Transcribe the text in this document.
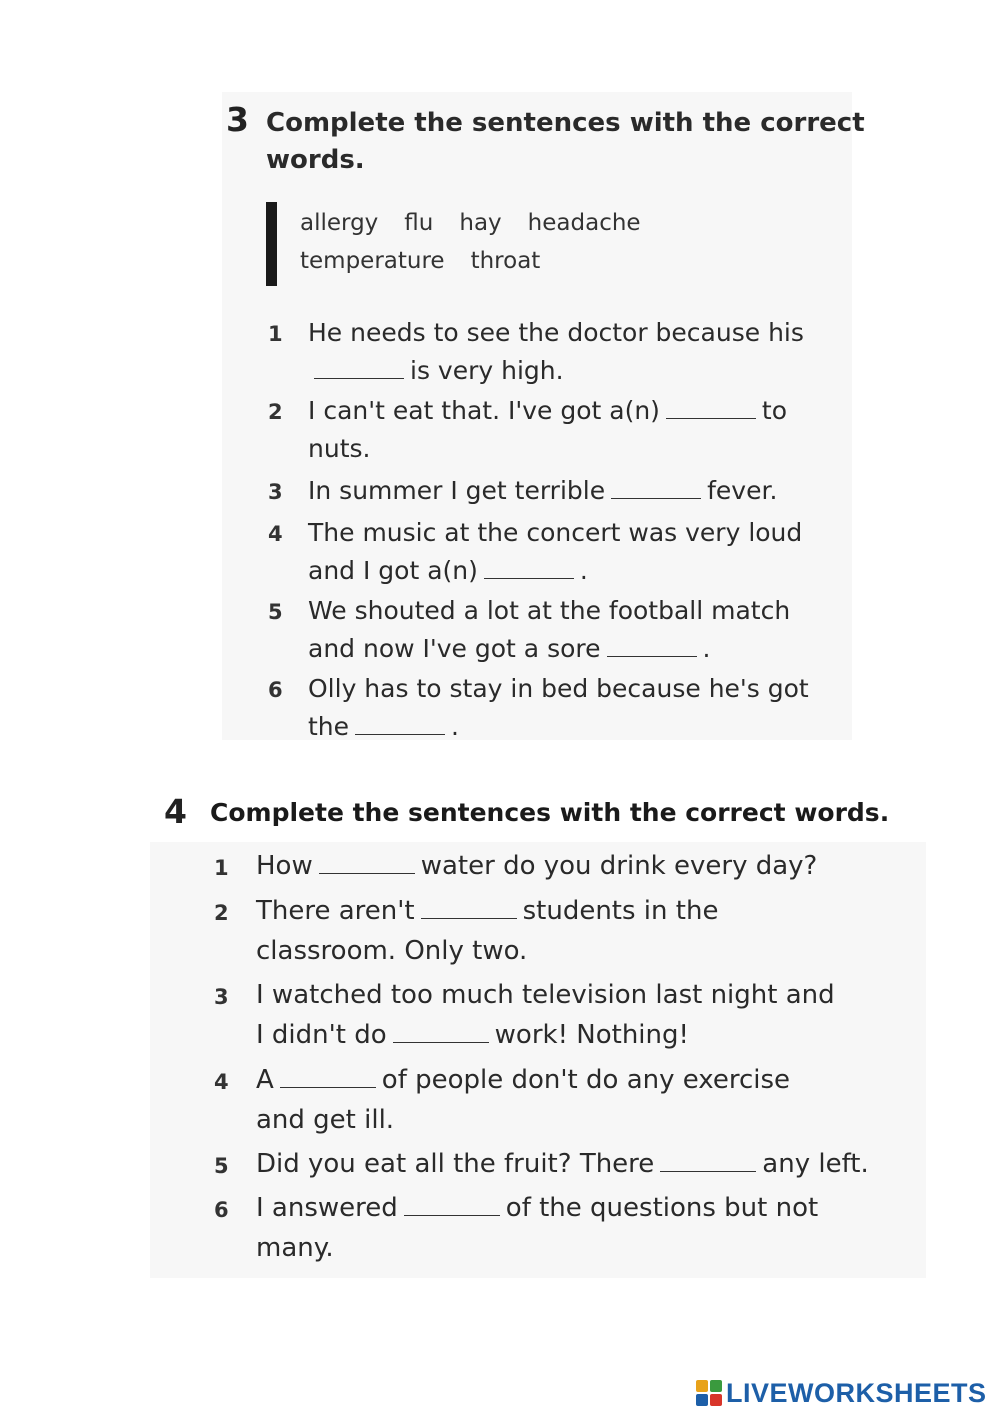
3 Complete the sentences with the correct
words.
allergy flu hay headache
temperature throat
1 He needs to see the doctor because his
is very high.
2 I can't eat that. I've got a(n)	to
nuts.
3 In summer I get terrible	fever.
4 The music at the concert was very loud
and I got a(n)	.
5 We shouted a lot at the football match
and now I've got a sore	.
6 Olly has to stay in bed because he's got
the	.
4 Complete the sentences with the correct words.
1 How	water do you drink every day?
2 There aren't	students in the
classroom. Only two.
3 I watched too much television last night and
I didn't do	work! Nothing!
4 A	of people don't do any exercise
and get ill.
5 Did you eat all the fruit? There	any left.
6 I answered	of the questions but not
many.
LIVEWORKSHEETS
